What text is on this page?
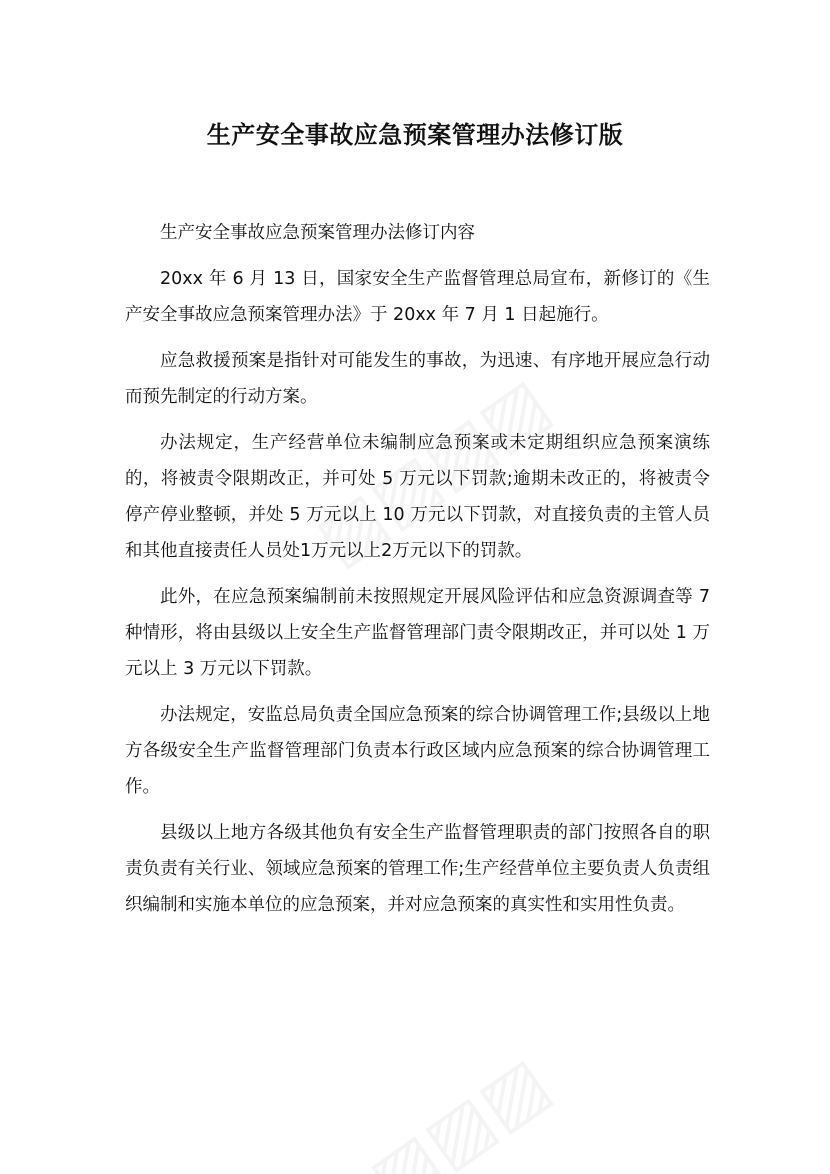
生产安全事故应急预案管理办法修订版

生产安全事故应急预案管理办法修订内容

20xx 年 6 月 13 日，国家安全生产监督管理总局宣布，新修订的《生产安全事故应急预案管理办法》于 20xx 年 7 月 1 日起施行。

应急救援预案是指针对可能发生的事故，为迅速、有序地开展应急行动而预先制定的行动方案。

办法规定，生产经营单位未编制应急预案或未定期组织应急预案演练的，将被责令限期改正，并可处 5 万元以下罚款;逾期未改正的，将被责令停产停业整顿，并处 5 万元以上 10 万元以下罚款，对直接负责的主管人员和其他直接责任人员处1万元以上2万元以下的罚款。

此外，在应急预案编制前未按照规定开展风险评估和应急资源调查等 7 种情形，将由县级以上安全生产监督管理部门责令限期改正，并可以处 1 万元以上 3 万元以下罚款。

办法规定，安监总局负责全国应急预案的综合协调管理工作;县级以上地方各级安全生产监督管理部门负责本行政区域内应急预案的综合协调管理工作。

县级以上地方各级其他负有安全生产监督管理职责的部门按照各自的职责负责有关行业、领域应急预案的管理工作;生产经营单位主要负责人负责组织编制和实施本单位的应急预案，并对应急预案的真实性和实用性负责。
